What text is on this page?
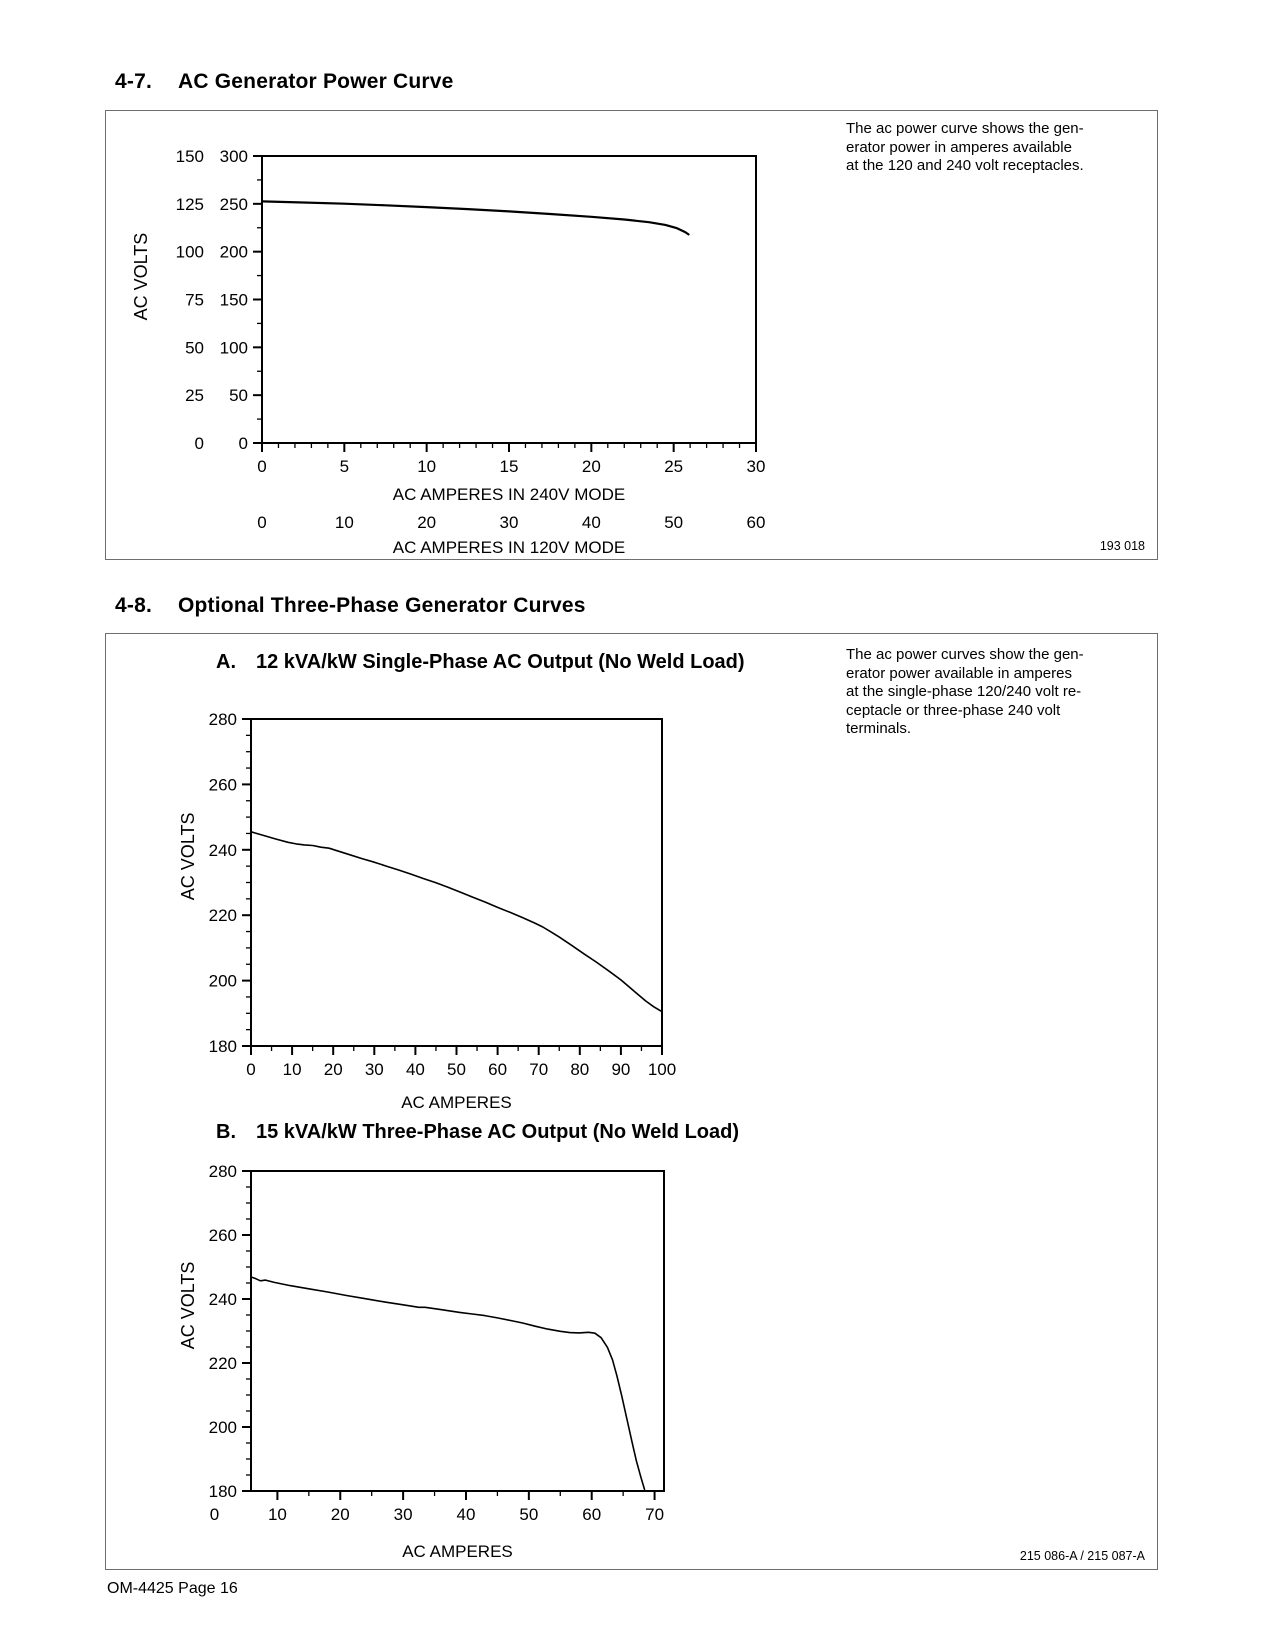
4-7. AC Generator Power Curve
300
150
250
125
200
100
150
75
100
50
50
25
0
0
0	5	10	15	20	25	30
AC AMPERES IN 240V MODE
0	10	20	30	40	50	60
AC AMPERES IN 120V MODE
AC VOLTS
The ac power curve shows the gen-
erator power in amperes available
at the 120 and 240 volt receptacles.
193 018
4-8. Optional Three-Phase Generator Curves
A. 12 kVA/kW Single-Phase AC Output (No Weld Load)
280
260
240
220
200
180
0 10 20 30 40 50 60 70 80 90 100
AC AMPERES
AC VOLTS
B. 15 kVA/kW Three-Phase AC Output (No Weld Load)
280
260
240
220
200
180
10	20	30	40	50	60	70
0
AC AMPERES
AC VOLTS
The ac power curves show the gen-
erator power available in amperes
at the single-phase 120/240 volt re-
ceptacle or three-phase 240 volt
terminals.
215 086-A / 215 087-A
OM-4425 Page 16
